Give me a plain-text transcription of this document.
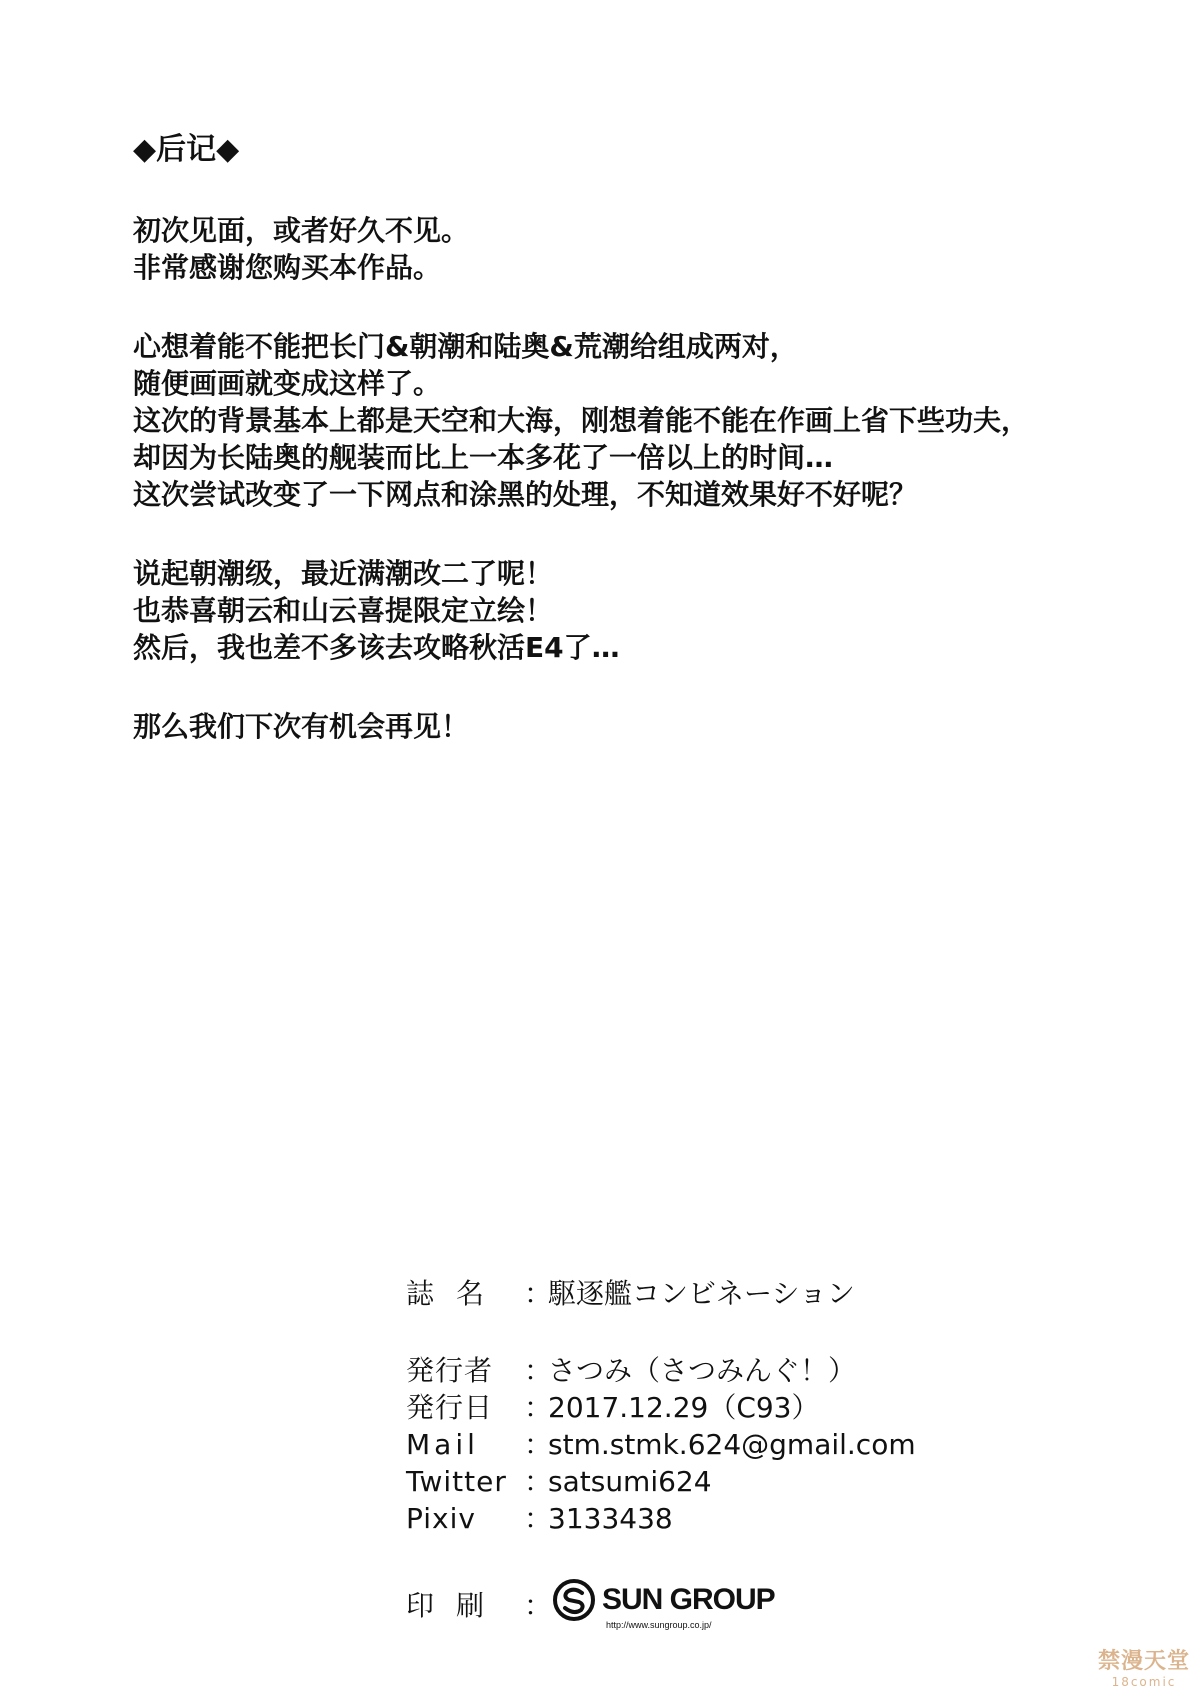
◆后记◆
初次见面，或者好久不见。
非常感谢您购买本作品。
心想着能不能把长门&朝潮和陆奥&荒潮给组成两对，
随便画画就变成这样了。
这次的背景基本上都是天空和大海，刚想着能不能在作画上省下些功夫，
却因为长陆奥的舰装而比上一本多花了一倍以上的时间…
这次尝试改变了一下网点和涂黑的处理，不知道效果好不好呢？
说起朝潮级，最近满潮改二了呢！
也恭喜朝云和山云喜提限定立绘！
然后，我也差不多该去攻略秋活E4了…
那么我们下次有机会再见！
誌名 ：
駆逐艦コンビネーション
発行者	：
さつみ（さつみんぐ！）
発行日	：
2017.12.29（C93）
Mail	：
stm.stmk.624@gmail.com
Twitter ：
satsumi624
Pixiv	：
3133438
印刷 ： SUN GROUP
http://www.sungroup.co.jp/
禁漫天堂
18comic
